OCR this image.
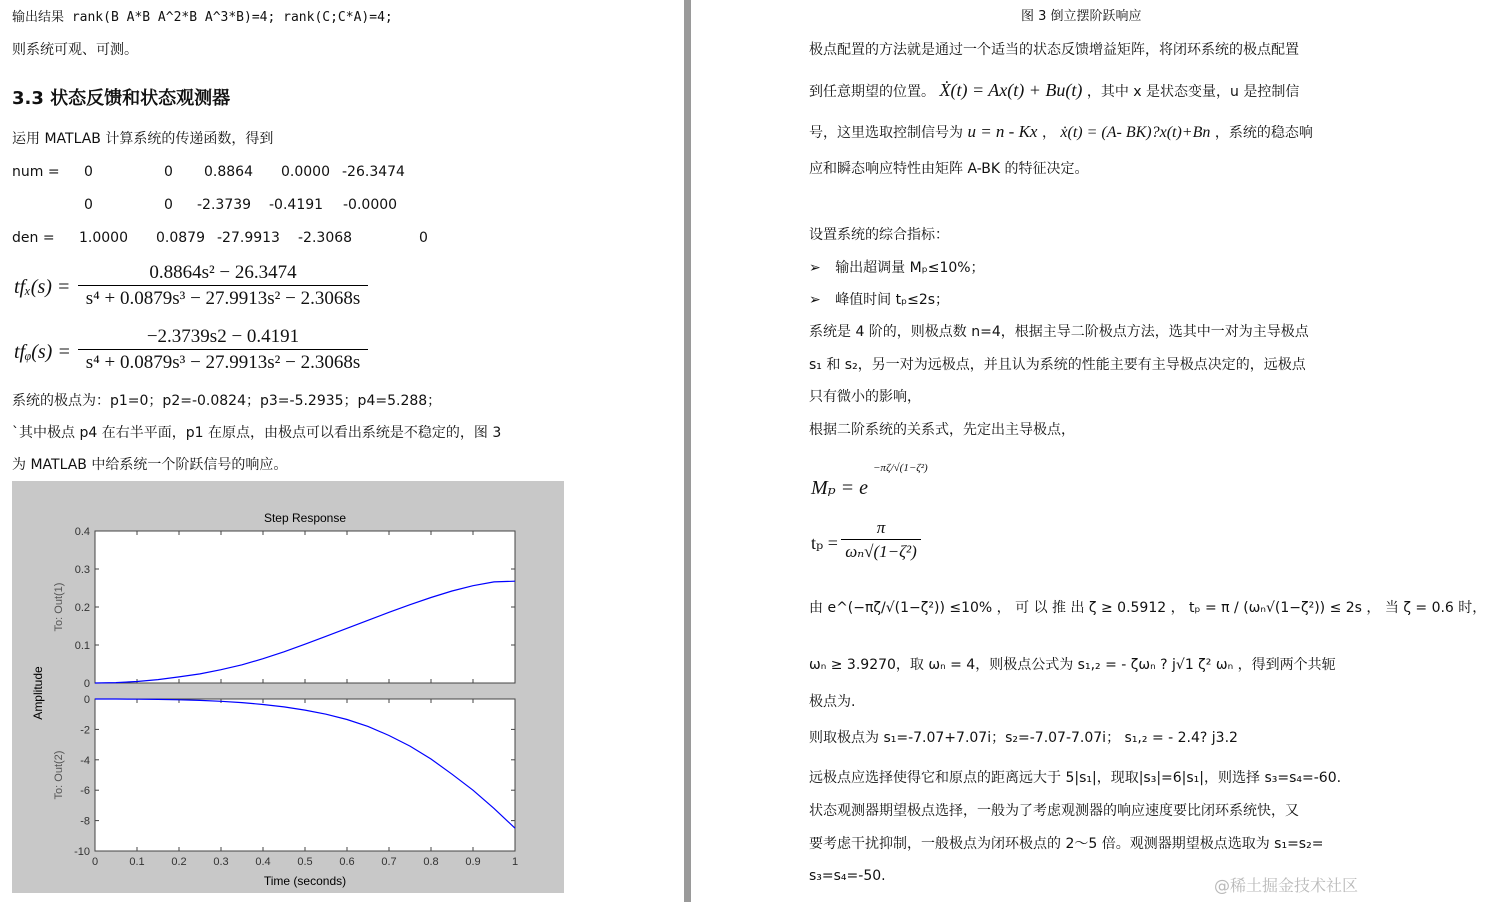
输出结果 rank(B A*B A^2*B A^3*B)=4; rank(C;C*A)=4;
则系统可观、可测。
3.3 状态反馈和状态观测器
运用 MATLAB 计算系统的传递函数，得到
num = 0	0 0.8864 0.0000 -26.3474
0	0 -2.3739 -0.4191 -0.0000
den = 1.0000 0.0879 -27.9913 -2.3068	0
$tf_x(s) = \frac{\text{0.8864s² − 26.3474}}{\text{s⁴ + 0.0879s³ − 27.9913s² − 2.3068s}}$
tfᵩ(s) = $\frac{-2.3739s2 - 0.4191}{\text{s⁴ + 0.0879s³ − 27.9913s² − 2.3068s}}$
系统的极点为：p1=0；p2=-0.0824；p3=-5.2935；p4=5.288；
`其中极点 p4 在右半平面，p1 在原点，由极点可以看出系统是不稳定的，图 3
为 MATLAB 中给系统一个阶跃信号的响应。
Step Response
0
0.1
0.2
0.3
0.4
To: Out(1)
-10
-8
-6
-4
-2
0
To: Out(2)
0	0.1 0.2 0.3 0.4 0.5 0.6 0.7 0.8 0.9	1
Time (seconds)
Amplitude
图 3 倒立摆阶跃响应
极点配置的方法就是通过一个适当的状态反馈增益矩阵，将闭环系统的极点配置
到任意期望的位置。 Ẋ(t) = Ax(t) + Bu(t) ，其中 x 是状态变量，u 是控制信
号，这里选取控制信号为 u = n - Kx ， ẋ(t) = (A- BK)?x(t)+Bn ，系统的稳态响
应和瞬态响应特性由矩阵 A-BK 的特征决定。
设置系统的综合指标：
➢ 输出超调量 Mₚ≤10%；
➢ 峰值时间 tₚ≤2s；
系统是 4 阶的，则极点数 n=4，根据主导二阶极点方法，选其中一对为主导极点
s₁ 和 s₂，另一对为远极点，并且认为系统的性能主要有主导极点决定的，远极点
只有微小的影响，
根据二阶系统的关系式，先定出主导极点，
Mₚ = e
−πζ/√(1−ζ²)
$t_p = \frac{\pi}{\text{ωₙ√(1−ζ²)}}$
由 e^(−πζ/√(1−ζ²)) ≤10% ， 可 以 推 出 ζ ≥ 0.5912 ， tₚ = π / (ωₙ√(1−ζ²)) ≤ 2s ， 当 ζ = 0.6 时，
ωₙ ≥ 3.9270，取 ωₙ = 4，则极点公式为 s₁,₂ = - ζωₙ ? j√1 ζ² ωₙ ，得到两个共轭
极点为.
则取极点为 s₁=-7.07+7.07i；s₂=-7.07-7.07i； s₁,₂ = - 2.4? j3.2
远极点应选择使得它和原点的距离远大于 5|s₁|，现取|s₃|=6|s₁|，则选择 s₃=s₄=-60.
状态观测器期望极点选择，一般为了考虑观测器的响应速度要比闭环系统快，又
要考虑干扰抑制，一般极点为闭环极点的 2～5 倍。观测器期望极点选取为 s₁=s₂=
s₃=s₄=-50.	@稀土掘金技术社区
